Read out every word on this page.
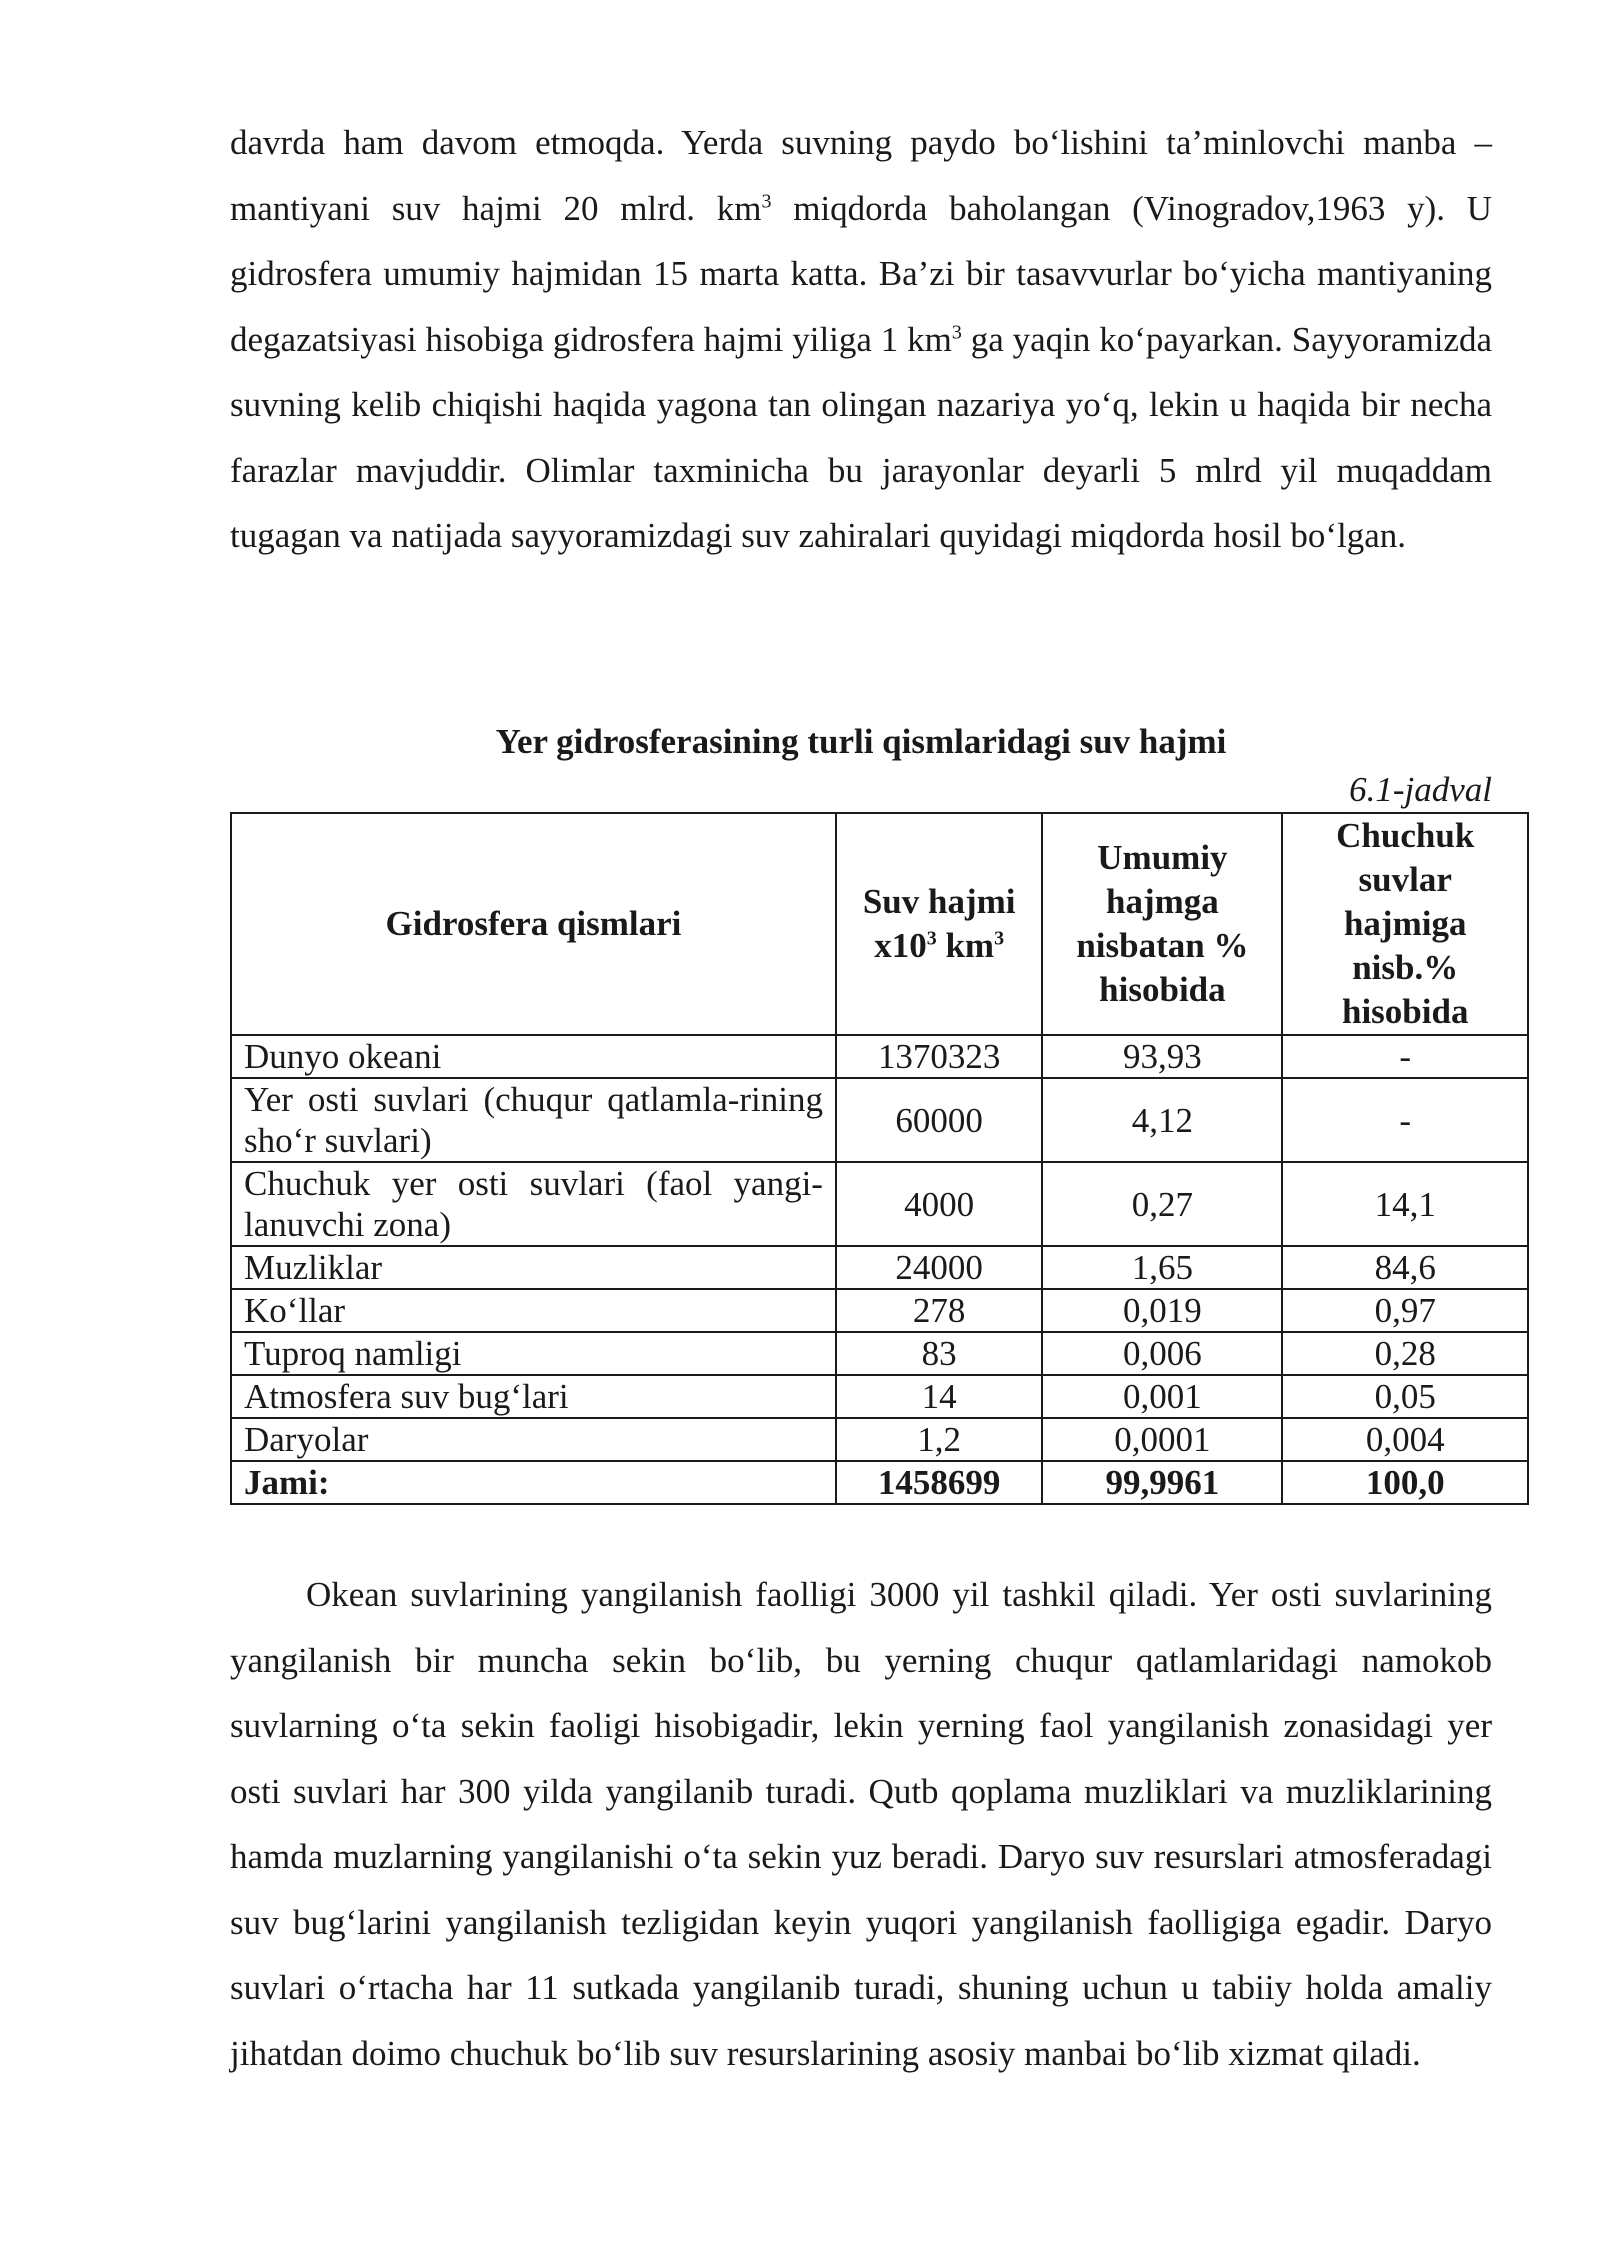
davrda ham davom etmoqda. Yerda suvning paydo bo‘lishini ta’minlovchi manba – mantiyani suv hajmi 20 mlrd. $km^3$ miqdorda baholangan (Vinogradov,1963 y). U gidrosfera umumiy hajmidan 15 marta katta. Ba’zi bir tasavvurlar bo‘yicha mantiyaning degazatsiyasi hisobiga gidrosfera hajmi yiliga 1 $km^3$ ga yaqin ko‘payarkan. Sayyoramizda suvning kelib chiqishi haqida yagona tan olingan nazariya yo‘q, lekin u haqida bir necha farazlar mavjuddir. Olimlar taxminicha bu jarayonlar deyarli 5 mlrd yil muqaddam tugagan va natijada sayyoramizdagi suv zahiralari quyidagi miqdorda hosil bo‘lgan.

Yer gidrosferasining turli qismlaridagi suv hajmi

6.1-jadval
Gidrosfera qismlari	Suv hajmi $x10^3$ $km^3$	Umumiy hajmga nisbatan % hisobida	Chuchuk suvlar hajmiga nisb.% hisobida
Dunyo okeani	1370323	93,93	-
Yer osti suvlari (chuqur qatlamla-rining sho‘r suvlari)	60000	4,12	-
Chuchuk yer osti suvlari (faol yangi-lanuvchi zona)	4000	0,27	14,1
Muzliklar	24000	1,65	84,6
Ko‘llar	278	0,019	0,97
Tuproq namligi	83	0,006	0,28
Atmosfera suv bug‘lari	14	0,001	0,05
Daryolar	1,2	0,0001	0,004
Jami:	1458699	99,9961	100,0

Okean suvlarining yangilanish faolligi 3000 yil tashkil qiladi. Yer osti suvlarining yangilanish bir muncha sekin bo‘lib, bu yerning chuqur qatlamlaridagi namokob suvlarning o‘ta sekin faoligi hisobigadir, lekin yerning faol yangilanish zonasidagi yer osti suvlari har 300 yilda yangilanib turadi. Qutb qoplama muzliklari va muzliklarining hamda muzlarning yangilanishi o‘ta sekin yuz beradi. Daryo suv resurslari atmosferadagi suv bug‘larini yangilanish tezligidan keyin yuqori yangilanish faolligiga egadir. Daryo suvlari o‘rtacha har 11 sutkada yangilanib turadi, shuning uchun u tabiiy holda amaliy jihatdan doimo chuchuk bo‘lib suv resurslarining asosiy manbai bo‘lib xizmat qiladi.
